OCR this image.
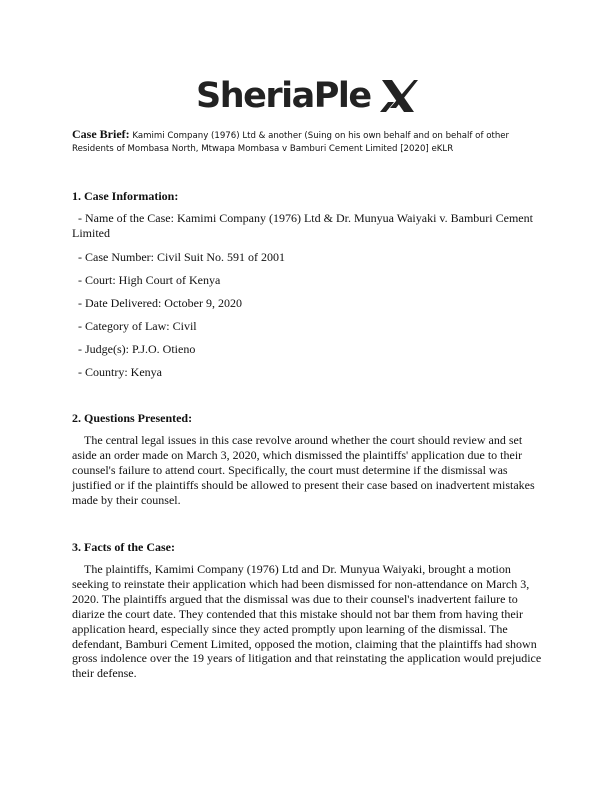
SheriaPle
Case Brief: Kamimi Company (1976) Ltd & another (Suing on his own behalf and on behalf of other Residents of Mombasa North, Mtwapa Mombasa v Bamburi Cement Limited [2020] eKLR
1. Case Information:
- Name of the Case: Kamimi Company (1976) Ltd & Dr. Munyua Waiyaki v. Bamburi Cement Limited
- Case Number: Civil Suit No. 591 of 2001
- Court: High Court of Kenya
- Date Delivered: October 9, 2020
- Category of Law: Civil
- Judge(s): P.J.O. Otieno
- Country: Kenya
2. Questions Presented:
The central legal issues in this case revolve around whether the court should review and set aside an order made on March 3, 2020, which dismissed the plaintiffs' application due to their counsel's failure to attend court. Specifically, the court must determine if the dismissal was justified or if the plaintiffs should be allowed to present their case based on inadvertent mistakes made by their counsel.
3. Facts of the Case:
The plaintiffs, Kamimi Company (1976) Ltd and Dr. Munyua Waiyaki, brought a motion seeking to reinstate their application which had been dismissed for non-attendance on March 3, 2020. The plaintiffs argued that the dismissal was due to their counsel's inadvertent failure to diarize the court date. They contended that this mistake should not bar them from having their application heard, especially since they acted promptly upon learning of the dismissal. The defendant, Bamburi Cement Limited, opposed the motion, claiming that the plaintiffs had shown gross indolence over the 19 years of litigation and that reinstating the application would prejudice their defense.
